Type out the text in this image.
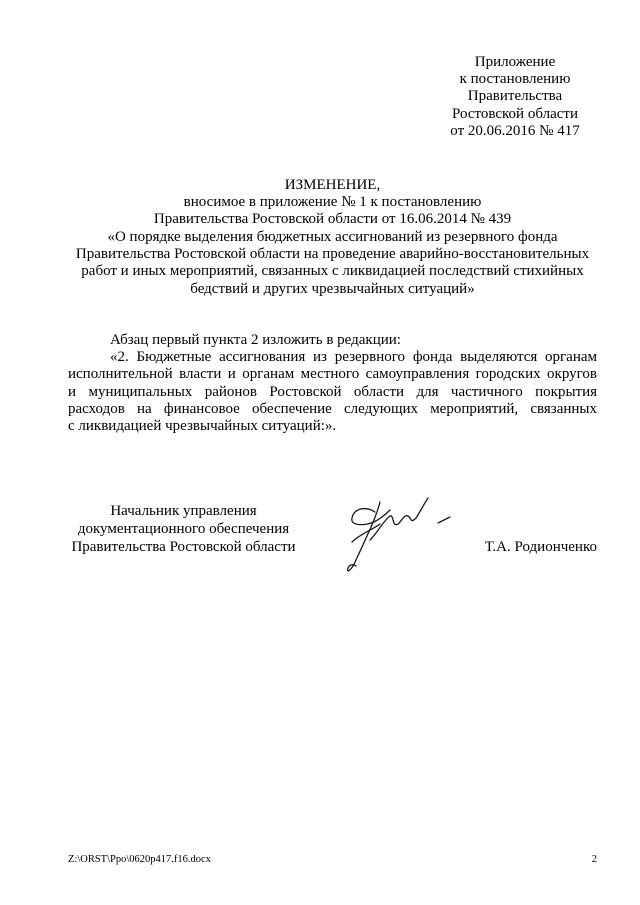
Приложение
к постановлению
Правительства
Ростовской области
от 20.06.2016 № 417
ИЗМЕНЕНИЕ,
вносимое в приложение № 1 к постановлению
Правительства Ростовской области от 16.06.2014 № 439
«О порядке выделения бюджетных ассигнований из резервного фонда
Правительства Ростовской области на проведение аварийно-восстановительных
работ и иных мероприятий, связанных с ликвидацией последствий стихийных
бедствий и других чрезвычайных ситуаций»
Абзац первый пункта 2 изложить в редакции:
«2. Бюджетные ассигнования из резервного фонда выделяются органам
исполнительной власти и органам местного самоуправления городских округов
и муниципальных районов Ростовской области для частичного покрытия
расходов на финансовое обеспечение следующих мероприятий, связанных
с ликвидацией чрезвычайных ситуаций:».
Начальник управления
документационного обеспечения
Правительства Ростовской области	Т.А. Родионченко
Z:\ORST\Ppo\0620p417.f16.docx	2
